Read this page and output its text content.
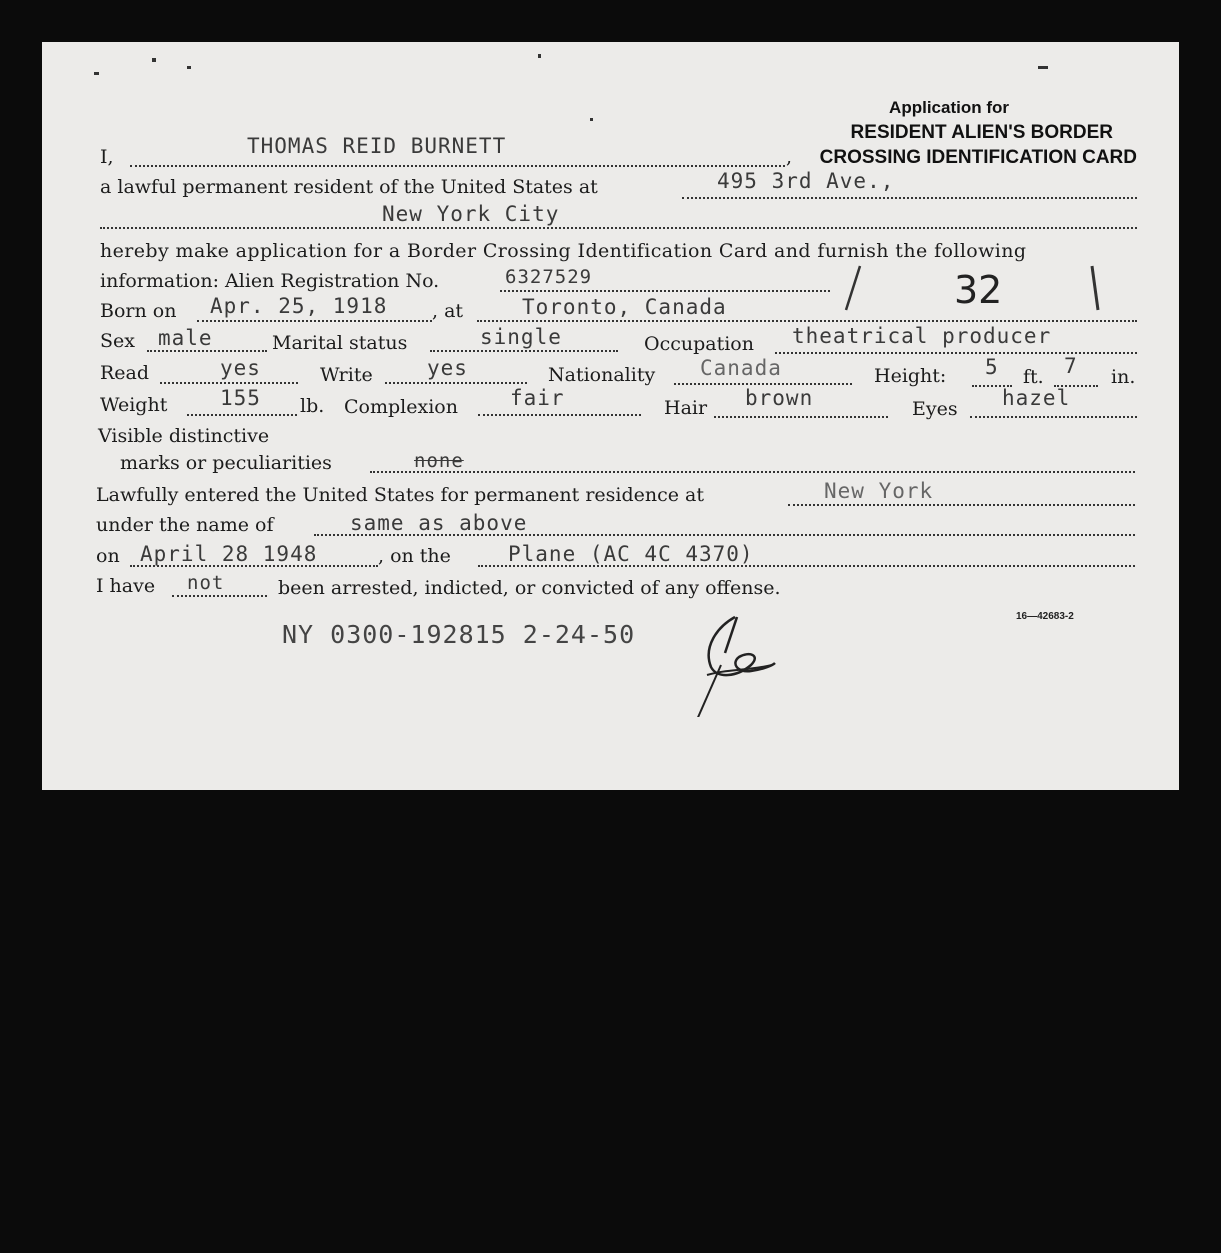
Application for
RESIDENT ALIEN'S BORDER
CROSSING IDENTIFICATION CARD
I,	THOMAS REID BURNETT	,
a lawful permanent resident of the United States at	495 3rd Ave.,
New York City
hereby make application for a Border Crossing Identification Card and furnish the following
information: Alien Registration No.	6327529	32
Born on Apr. 25, 1918 , at	Toronto, Canada
Sex male	Marital status	single	Occupation theatrical producer
Read	yes	Write	yes	Nationality Canada	Height: 5 ft. 7 in.
Weight	155 lb. Complexion fair	Hair brown	Eyes hazel
Visible distinctive
marks or peculiarities	none
Lawfully entered the United States for permanent residence at	New York
under the name of	same as above
on April 28 1948	, on the	Plane (AC 4C 4370)
I have not	been arrested, indicted, or convicted of any offense.
16—42683-2
NY 0300-192815 2-24-50
